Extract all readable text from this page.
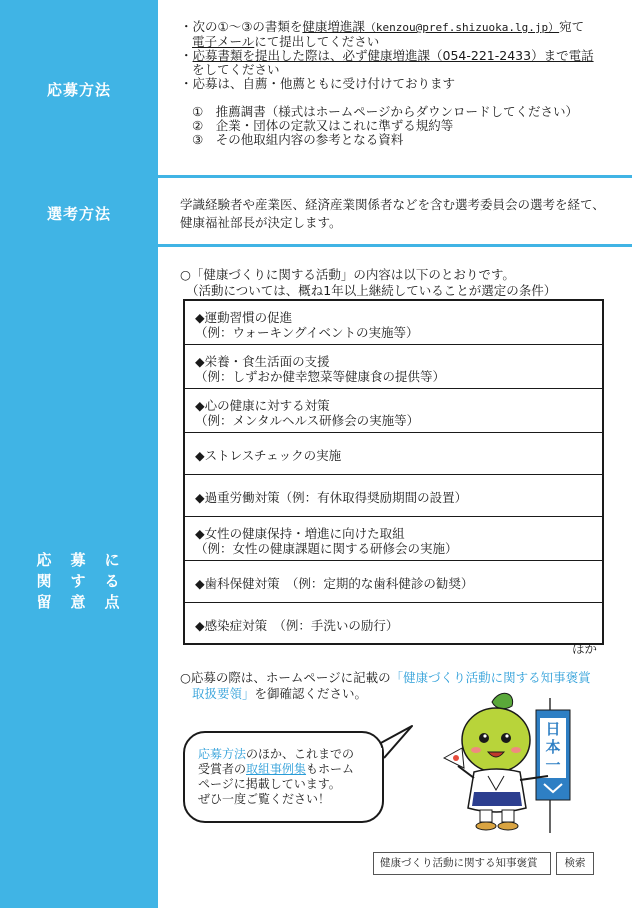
応募方法
選考方法
応　募　に
関　す　る
留　意　点
・次の①～③の書類を健康増進課（kenzou@pref.shizuoka.lg.jp）宛て
電子メールにて提出してください
・応募書類を提出した際は、必ず健康増進課（054-221-2433）まで電話
をしてください
・応募は、自薦・他薦ともに受け付けております
①　推薦調書（様式はホームページからダウンロードしてください）
②　企業・団体の定款又はこれに準ずる規約等
③　その他取組内容の参考となる資料
学識経験者や産業医、経済産業関係者などを含む選考委員会の選考を経て、
健康福祉部長が決定します。
○「健康づくりに関する活動」の内容は以下のとおりです。
（活動については、概ね1年以上継続していることが選定の条件）
◆運動習慣の促進
（例：ウォーキングイベントの実施等）
◆栄養・食生活面の支援
（例：しずおか健幸惣菜等健康食の提供等）
◆心の健康に対する対策
（例：メンタルヘルス研修会の実施等）
◆ストレスチェックの実施
◆過重労働対策（例：有休取得奨励期間の設置）
◆女性の健康保持・増進に向けた取組
（例：女性の健康課題に関する研修会の実施）
◆歯科保健対策　（例：定期的な歯科健診の勧奨）
◆感染症対策　（例：手洗いの励行）
ほか
○応募の際は、ホームページに記載の「健康づくり活動に関する知事褒賞
取扱要領」を御確認ください。
応募方法のほか、これまでの
受賞者の取組事例集もホーム
ページに掲載しています。
ぜひ一度ご覧ください！
日
本
一
健康づくり活動に関する知事褒賞	検索
